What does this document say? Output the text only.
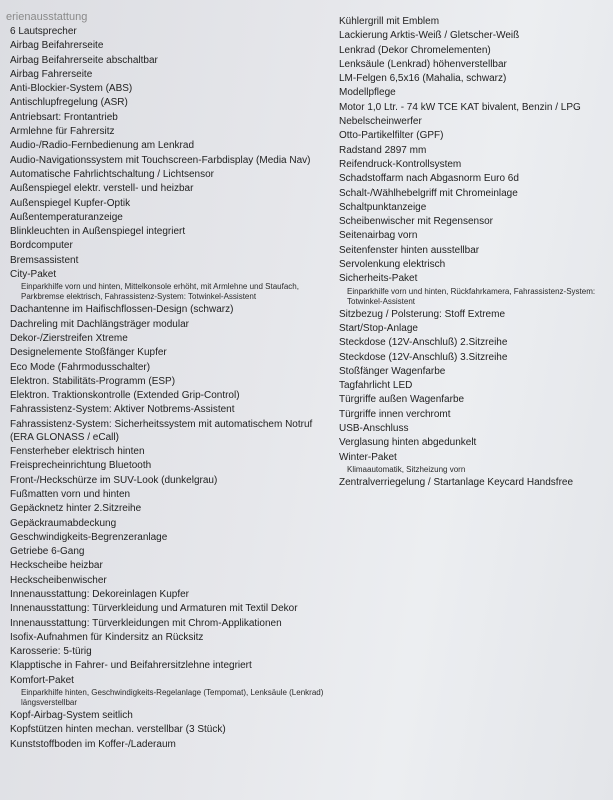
erienausstattung
6 Lautsprecher
Airbag Beifahrerseite
Airbag Beifahrerseite abschaltbar
Airbag Fahrerseite
Anti-Blockier-System (ABS)
Antischlupfregelung (ASR)
Antriebsart: Frontantrieb
Armlehne für Fahrersitz
Audio-/Radio-Fernbedienung am Lenkrad
Audio-Navigationssystem mit Touchscreen-Farbdisplay (Media Nav)
Automatische Fahrlichtschaltung / Lichtsensor
Außenspiegel elektr. verstell- und heizbar
Außenspiegel Kupfer-Optik
Außentemperaturanzeige
Blinkleuchten in Außenspiegel integriert
Bordcomputer
Bremsassistent
City-Paket
Einparkhilfe vorn und hinten, Mittelkonsole erhöht, mit Armlehne und Staufach, Parkbremse elektrisch, Fahrassistenz-System: Totwinkel-Assistent
Dachantenne im Haifischflossen-Design (schwarz)
Dachreling mit Dachlängsträger modular
Dekor-/Zierstreifen Xtreme
Designelemente Stoßfänger Kupfer
Eco Mode (Fahrmodusschalter)
Elektron. Stabilitäts-Programm (ESP)
Elektron. Traktionskontrolle (Extended Grip-Control)
Fahrassistenz-System: Aktiver Notbrems-Assistent
Fahrassistenz-System: Sicherheitssystem mit automatischem Notruf (ERA GLONASS / eCall)
Fensterheber elektrisch hinten
Freisprecheinrichtung Bluetooth
Front-/Heckschürze im SUV-Look (dunkelgrau)
Fußmatten vorn und hinten
Gepäcknetz hinter 2.Sitzreihe
Gepäckraumabdeckung
Geschwindigkeits-Begrenzeranlage
Getriebe 6-Gang
Heckscheibe heizbar
Heckscheibenwischer
Innenausstattung: Dekoreinlagen Kupfer
Innenausstattung: Türverkleidung und Armaturen mit Textil Dekor
Innenausstattung: Türverkleidungen mit Chrom-Applikationen
Isofix-Aufnahmen für Kindersitz an Rücksitz
Karosserie: 5-türig
Klapptische in Fahrer- und Beifahrersitzlehne integriert
Komfort-Paket
Einparkhilfe hinten, Geschwindigkeits-Regelanlage (Tempomat), Lenksäule (Lenkrad) längsverstellbar
Kopf-Airbag-System seitlich
Kopfstützen hinten mechan. verstellbar (3 Stück)
Kunststoffboden im Koffer-/Laderaum
Kühlergrill mit Emblem
Lackierung Arktis-Weiß / Gletscher-Weiß
Lenkrad (Dekor Chromelementen)
Lenksäule (Lenkrad) höhenverstellbar
LM-Felgen 6,5x16 (Mahalia, schwarz)
Modellpflege
Motor 1,0 Ltr. - 74 kW TCE KAT bivalent, Benzin / LPG
Nebelscheinwerfer
Otto-Partikelfilter (GPF)
Radstand 2897 mm
Reifendruck-Kontrollsystem
Schadstoffarm nach Abgasnorm Euro 6d
Schalt-/Wählhebelgriff mit Chromeinlage
Schaltpunktanzeige
Scheibenwischer mit Regensensor
Seitenairbag vorn
Seitenfenster hinten ausstellbar
Servolenkung elektrisch
Sicherheits-Paket
Einparkhilfe vorn und hinten, Rückfahrkamera, Fahrassistenz-System: Totwinkel-Assistent
Sitzbezug / Polsterung: Stoff Extreme
Start/Stop-Anlage
Steckdose (12V-Anschluß) 2.Sitzreihe
Steckdose (12V-Anschluß) 3.Sitzreihe
Stoßfänger Wagenfarbe
Tagfahrlicht LED
Türgriffe außen Wagenfarbe
Türgriffe innen verchromt
USB-Anschluss
Verglasung hinten abgedunkelt
Winter-Paket
Klimaautomatik, Sitzheizung vorn
Zentralverriegelung / Startanlage Keycard Handsfree
